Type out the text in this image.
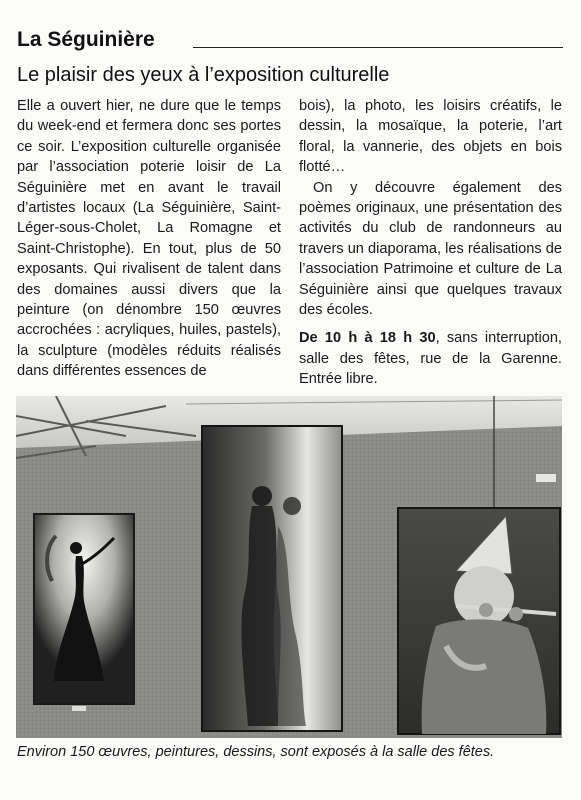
La Séguinière
Le plaisir des yeux à l’exposition culturelle

Elle a ouvert hier, ne dure que le temps du week-end et fermera donc ses portes ce soir. L’exposition culturelle organisée par l’association poterie loisir de La Séguinière met en avant le travail d’artistes locaux (La Séguinière, Saint-Léger-sous-Cholet, La Romagne et Saint-Christophe). En tout, plus de 50 exposants. Qui rivalisent de talent dans des domaines aussi divers que la peinture (on dénombre 150 œuvres accrochées : acryliques, huiles, pastels), la sculpture (modèles réduits réalisés dans différentes essences de

bois), la photo, les loisirs créatifs, le dessin, la mosaïque, la poterie, l’art floral, la vannerie, des objets en bois flotté…

On y découvre également des poèmes originaux, une présentation des activités du club de randonneurs au travers un diaporama, les réalisations de l’association Patrimoine et culture de La Séguinière ainsi que quelques travaux des écoles.

De 10 h à 18 h 30, sans interruption, salle des fêtes, rue de la Garenne. Entrée libre.

Environ 150 œuvres, peintures, dessins, sont exposés à la salle des fêtes.
